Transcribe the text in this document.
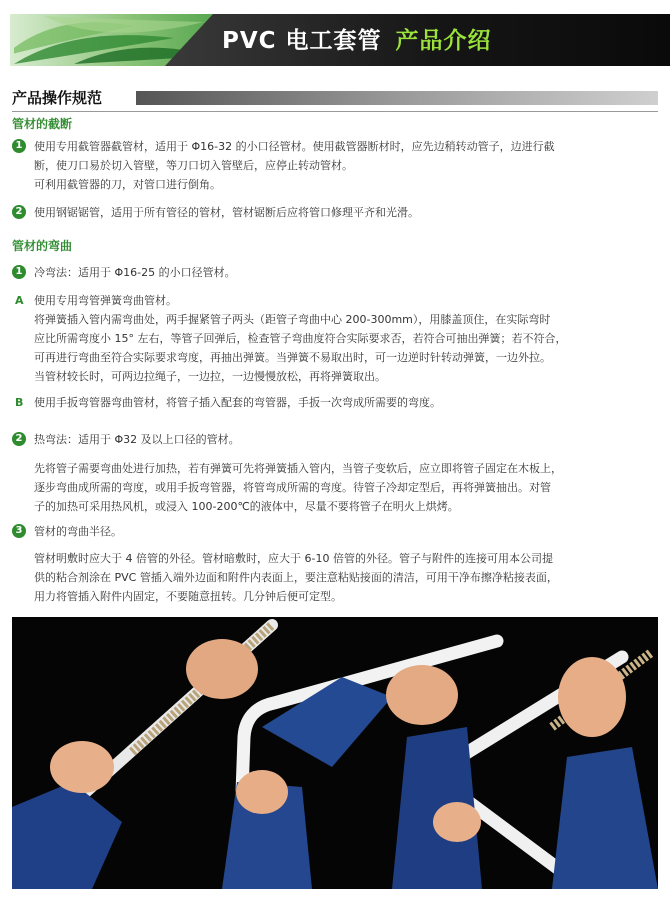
PVC 电工套管 产品介绍
产品操作规范
管材的截断
1	使用专用截管器截管材，适用于 Φ16-32 的小口径管材。使用截管器断材时，应先边稍转动管子，边进行截
断，使刀口易於切入管壁，等刀口切入管壁后，应停止转动管材。
可利用截管器的刀，对管口进行倒角。
2	使用钢锯锯管，适用于所有管径的管材，管材锯断后应将管口修理平齐和光滑。
管材的弯曲
1	冷弯法：适用于 Φ16-25 的小口径管材。
A 使用专用弯管弹簧弯曲管材。
将弹簧插入管内需弯曲处，两手握紧管子两头（距管子弯曲中心 200-300mm），用膝盖顶住，在实际弯时
应比所需弯度小 15° 左右，等管子回弹后，检查管子弯曲度符合实际要求否，若符合可抽出弹簧；若不符合，
可再进行弯曲至符合实际要求弯度，再抽出弹簧。当弹簧不易取出时，可一边逆时针转动弹簧，一边外拉。
当管材较长时，可两边拉绳子，一边拉，一边慢慢放松，再将弹簧取出。
B 使用手扳弯管器弯曲管材，将管子插入配套的弯管器，手扳一次弯成所需要的弯度。
2	热弯法：适用于 Φ32 及以上口径的管材。
先将管子需要弯曲处进行加热，若有弹簧可先将弹簧插入管内，当管子变软后，应立即将管子固定在木板上，
逐步弯曲成所需的弯度，或用手扳弯管器，将管弯成所需的弯度。待管子冷却定型后，再将弹簧抽出。对管
子的加热可采用热风机，或浸入 100-200℃的液体中，尽量不要将管子在明火上烘烤。
3	管材的弯曲半径。
管材明敷时应大于 4 倍管的外径。管材暗敷时，应大于 6-10 倍管的外径。管子与附件的连接可用本公司提
供的粘合剂涂在 PVC 管插入端外边面和附件内表面上，要注意粘贴接面的清洁，可用干净布擦净粘接表面，
用力将管插入附件内固定，不要随意扭转。几分钟后便可定型。
